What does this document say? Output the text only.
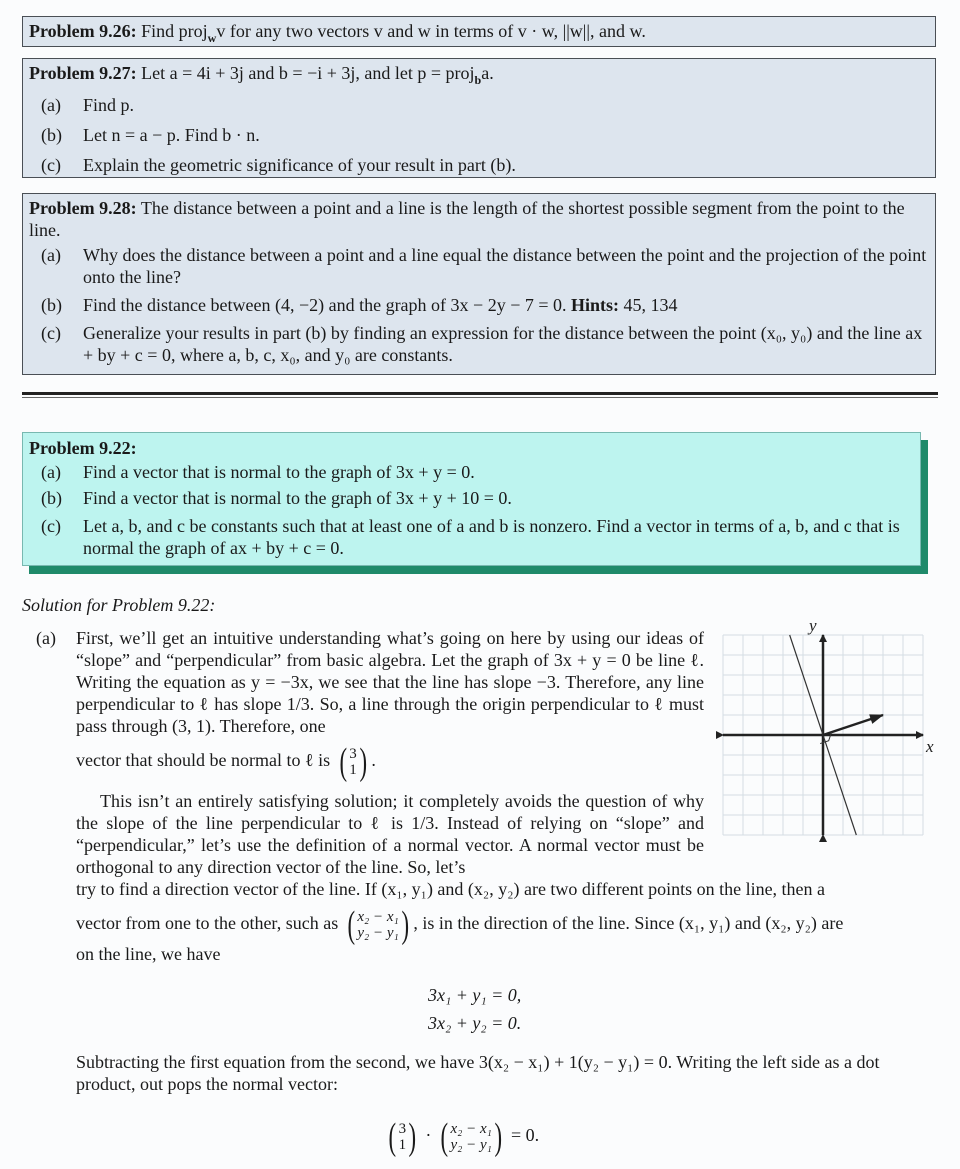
Problem 9.26: Find proj$_w$v for any two vectors v and w in terms of v · w, ||w||, and w.
Problem 9.27: Let a = 4i + 3j and b = −i + 3j, and let p = proj$_b$a.
(a) Find p.
(b) Let n = a − p. Find b · n.
(c) Explain the geometric significance of your result in part (b).
Problem 9.28: The distance between a point and a line is the length of the shortest possible segment from the point to the line.
(a) Why does the distance between a point and a line equal the distance between the point and the projection of the point onto the line?
(b) Find the distance between (4, −2) and the graph of 3x − 2y − 7 = 0. Hints: 45, 134
(c) Generalize your results in part (b) by finding an expression for the distance between the point (x₀, y₀) and the line ax + by + c = 0, where a, b, c, x₀, and y₀ are constants.
Problem 9.22:
(a) Find a vector that is normal to the graph of 3x + y = 0.
(b) Find a vector that is normal to the graph of 3x + y + 10 = 0.
(c) Let a, b, and c be constants such that at least one of a and b is nonzero. Find a vector in terms of a, b, and c that is normal the graph of ax + by + c = 0.
Solution for Problem 9.22:
(a) First, we’ll get an intuitive understanding what’s going on here by using our ideas of “slope” and “perpendicular” from basic algebra. Let the graph of 3x + y = 0 be line ℓ. Writing the equation as y = −3x, we see that the line has slope −3. Therefore, any line perpendicular to ℓ has slope 1/3. So, a line through the origin perpendicular to ℓ must pass through (3, 1). Therefore, one
vector that should be normal to ℓ is ( 3
1 ) .
This isn’t an entirely satisfying solution; it completely avoids the question of why the slope of the line perpendicular to ℓ is 1/3. Instead of relying on “slope” and “perpendicular,” let’s use the definition of a normal vector. A normal vector must be orthogonal to any direction vector of the line. So, let’s
try to find a direction vector of the line. If (x₁, y₁) and (x₂, y₂) are two different points on the line, then a
vector from one to the other, such as ( x₂ − x₁
y₂ − y₁ ) , is in the direction of the line. Since (x₁, y₁) and (x₂, y₂) are
on the line, we have
3x₁ + y₁ = 0,
3x₂ + y₂ = 0.
Subtracting the first equation from the second, we have 3(x₂ − x₁) + 1(y₂ − y₁) = 0. Writing the left side as a dot product, out pops the normal vector:
( 3
1 ) · ( x₂ − x₁
y₂ − y₁ ) = 0.
x
y
